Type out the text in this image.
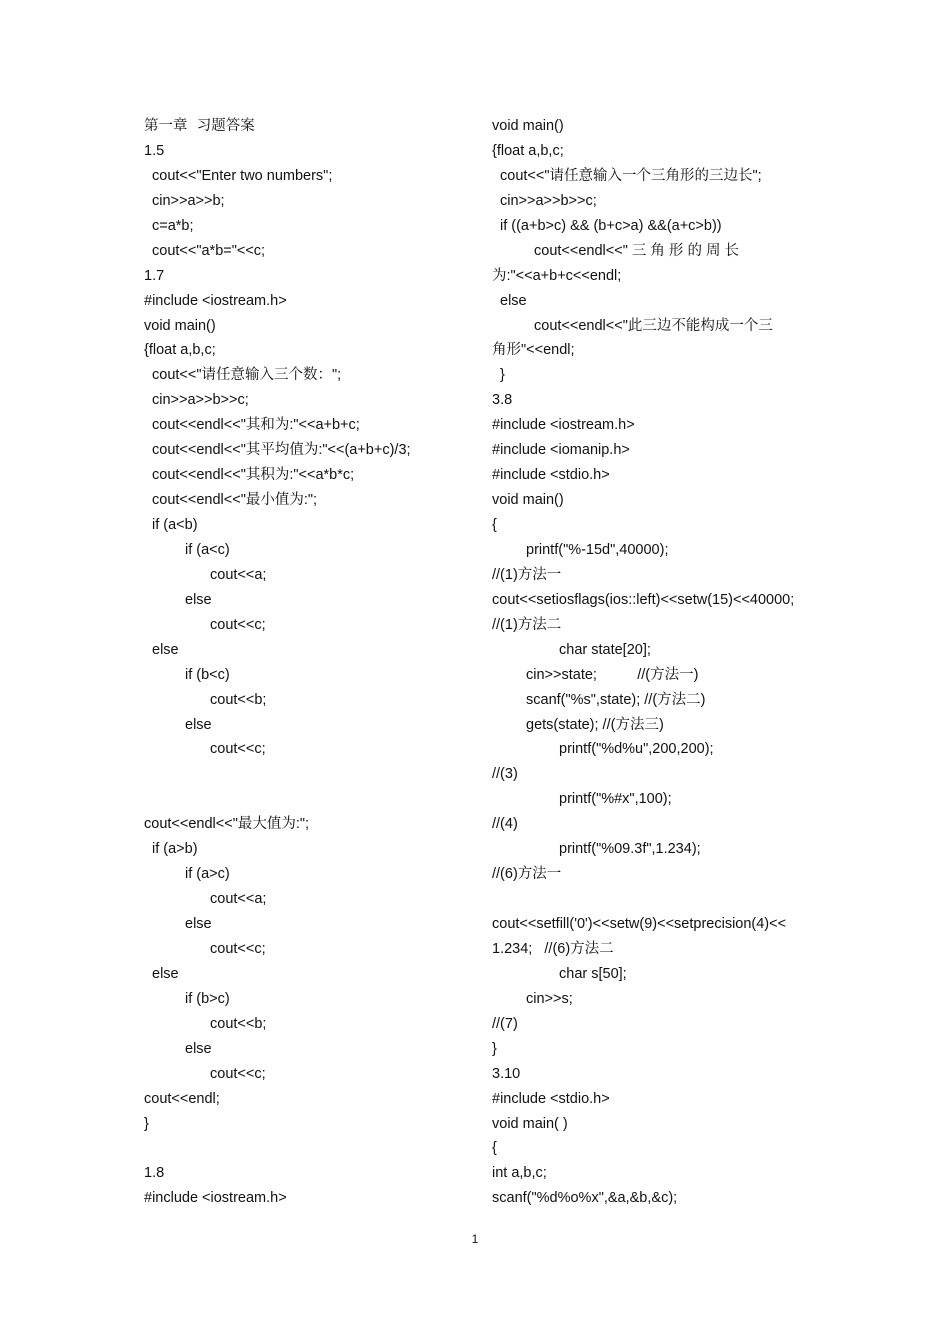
第一章  习题答案
1.5
cout<<"Enter two numbers";
cin>>a>>b;
c=a*b;
cout<<"a*b="<<c;
1.7
#include <iostream.h>
void main()
{float a,b,c;
cout<<"请任意输入三个数：";
cin>>a>>b>>c;
cout<<endl<<"其和为:"<<a+b+c;
cout<<endl<<"其平均值为:"<<(a+b+c)/3;
cout<<endl<<"其积为:"<<a*b*c;
cout<<endl<<"最小值为:";
if (a<b)
if (a<c)
cout<<a;
else
cout<<c;
else
if (b<c)
cout<<b;
else
cout<<c;
cout<<endl<<"最大值为:";
if (a>b)
if (a>c)
cout<<a;
else
cout<<c;
else
if (b>c)
cout<<b;
else
cout<<c;
cout<<endl;
}
1.8
#include <iostream.h>
void main()
{float a,b,c;
cout<<"请任意输入一个三角形的三边长";
cin>>a>>b>>c;
if ((a+b>c) && (b+c>a) &&(a+c>b))
cout<<endl<<" 三 角 形 的 周 长
为:"<<a+b+c<<endl;
else
cout<<endl<<"此三边不能构成一个三
角形"<<endl;
}
3.8
#include <iostream.h>
#include <iomanip.h>
#include <stdio.h>
void main()
{
printf("%-15d",40000);
//(1)方法一
cout<<setiosflags(ios::left)<<setw(15)<<40000;
//(1)方法二
char state[20];
cin>>state;          //(方法一)
scanf("%s",state); //(方法二)
gets(state); //(方法三)
printf("%d%u",200,200);
//(3)
printf("%#x",100);
//(4)
printf("%09.3f",1.234);
//(6)方法一
cout<<setfill('0')<<setw(9)<<setprecision(4)<<
1.234;   //(6)方法二
char s[50];
cin>>s;
//(7)
}
3.10
#include <stdio.h>
void main( )
{
int a,b,c;
scanf("%d%o%x",&a,&b,&c);
1
